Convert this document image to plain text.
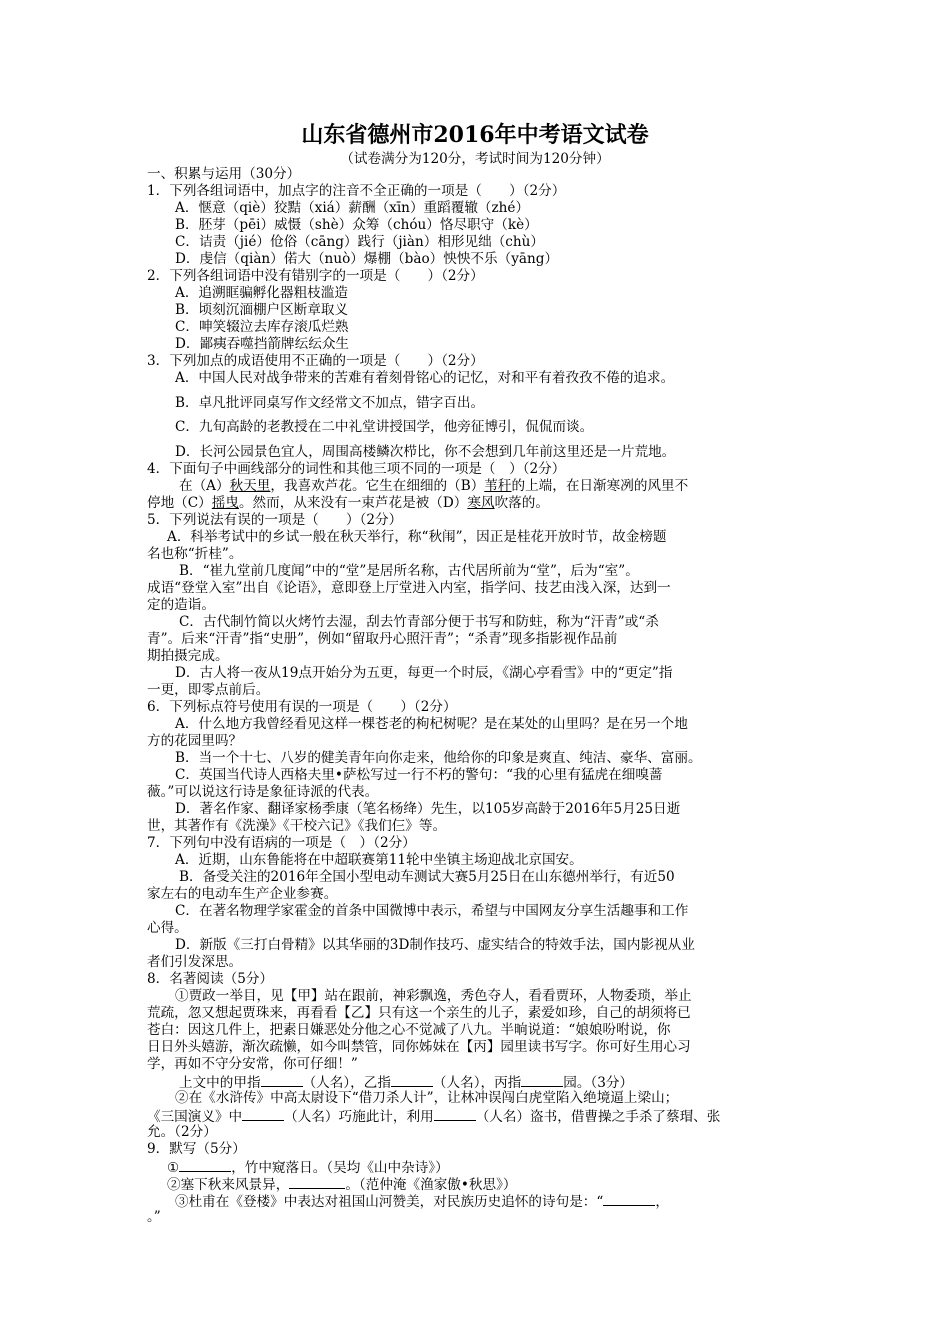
山东省德州市2016年中考语文试卷
（试卷满分为120分，考试时间为120分钟）
一、积累与运用（30分）
1．下列各组词语中，加点字的注音不全正确的一项是（　　）（2分）
A．惬意（qiè）狡黠（xiá）薪酬（xīn）重蹈覆辙（zhé）
B．胚芽（pēi）威慑（shè）众筹（chóu）恪尽职守（kè）
C．诘责（jié）伧俗（cāng）践行（jiàn）相形见绌（chù）
D．虔信（qiàn）偌大（nuò）爆棚（bào）怏怏不乐（yāng）
2．下列各组词语中没有错别字的一项是（　　）（2分）
A．追溯眶骗孵化器粗枝滥造
B．顷刻沉湎棚户区断章取义
C．呻笑辍泣去库存滚瓜烂熟
D．鄙痍吞噬挡箭牌纭纭众生
3．下列加点的成语使用不正确的一项是（　　）（2分）
A．中国人民对战争带来的苦难有着刻骨铭心的记忆，对和平有着孜孜不倦的追求。
B．卓凡批评同桌写作文经常文不加点，错字百出。
C．九旬高龄的老教授在二中礼堂讲授国学，他旁征博引，侃侃而谈。
D．长河公园景色宜人，周围高楼鳞次栉比，你不会想到几年前这里还是一片荒地。
4．下面句子中画线部分的词性和其他三项不同的一项是（　）（2分）
在（A）秋天里，我喜欢芦花。它生在细细的（B）苇秆的上端，在日渐寒冽的风里不
停地（C）摇曳。然而，从来没有一束芦花是被（D）寒风吹落的。
5．下列说法有误的一项是（　　）（2分）
A．科举考试中的乡试一般在秋天举行，称“秋闱”，因正是桂花开放时节，故金榜题
名也称“折桂”。
B．“崔九堂前几度闻”中的“堂”是居所名称，古代居所前为“堂”，后为“室”。
成语“登堂入室”出自《论语》，意即登上厅堂进入内室，指学问、技艺由浅入深，达到一
定的造诣。
C．古代制竹简以火烤竹去湿，刮去竹青部分便于书写和防蛀，称为“汗青”或“杀
青”。后来“汗青”指“史册”，例如“留取丹心照汗青”；“杀青”现多指影视作品前
期拍摄完成。
D．古人将一夜从19点开始分为五更，每更一个时辰，《湖心亭看雪》中的“更定”指
一更，即零点前后。
6．下列标点符号使用有误的一项是（　　）（2分）
A．什么地方我曾经看见这样一棵苍老的枸杞树呢？是在某处的山里吗？是在另一个地
方的花园里吗？
B．当一个十七、八岁的健美青年向你走来，他给你的印象是爽直、纯洁、豪华、富丽。
C．英国当代诗人西格夫里•萨松写过一行不朽的警句：“我的心里有猛虎在细嗅蔷
薇。”可以说这行诗是象征诗派的代表。
D．著名作家、翻译家杨季康（笔名杨绛）先生，以105岁高龄于2016年5月25日逝
世，其著作有《洗澡》《干校六记》《我们仨》等。
7．下列句中没有语病的一项是（　）（2分）
A．近期，山东鲁能将在中超联赛第11轮中坐镇主场迎战北京国安。
B．备受关注的2016年全国小型电动车测试大赛5月25日在山东德州举行，有近50
家左右的电动车生产企业参赛。
C．在著名物理学家霍金的首条中国微博中表示，希望与中国网友分享生活趣事和工作
心得。
D．新版《三打白骨精》以其华丽的3D制作技巧、虚实结合的特效手法，国内影视从业
者们引发深思。
8．名著阅读（5分）
①贾政一举目，见【甲】站在跟前，神彩飘逸，秀色夺人，看看贾环，人物委琐，举止
荒疏，忽又想起贾珠来，再看看【乙】只有这一个亲生的儿子，素爱如珍，自己的胡须将已
苍白：因这几件上，把素日嫌恶处分他之心不觉减了八九。半晌说道：“娘娘吩咐说，你
日日外头嬉游，渐次疏懒，如今叫禁管，同你姊妹在【丙】园里读书写字。你可好生用心习
学，再如不守分安常，你可仔细！”
上文中的甲指	（人名），乙指	（人名），丙指	园。（3分）
②在《水浒传》中高太尉设下“借刀杀人计”，让林冲误闯白虎堂陷入绝境逼上梁山；
《三国演义》中	（人名）巧施此计，利用	（人名）盗书，借曹操之手杀了蔡瑁、张
允。（2分）
9．默写（5分）
①	，竹中窥落日。（吴均《山中杂诗》）
②塞下秋来风景异，	。（范仲淹《渔家傲•秋思》）
③杜甫在《登楼》中表达对祖国山河赞美，对民族历史追怀的诗句是：“	，
。”
